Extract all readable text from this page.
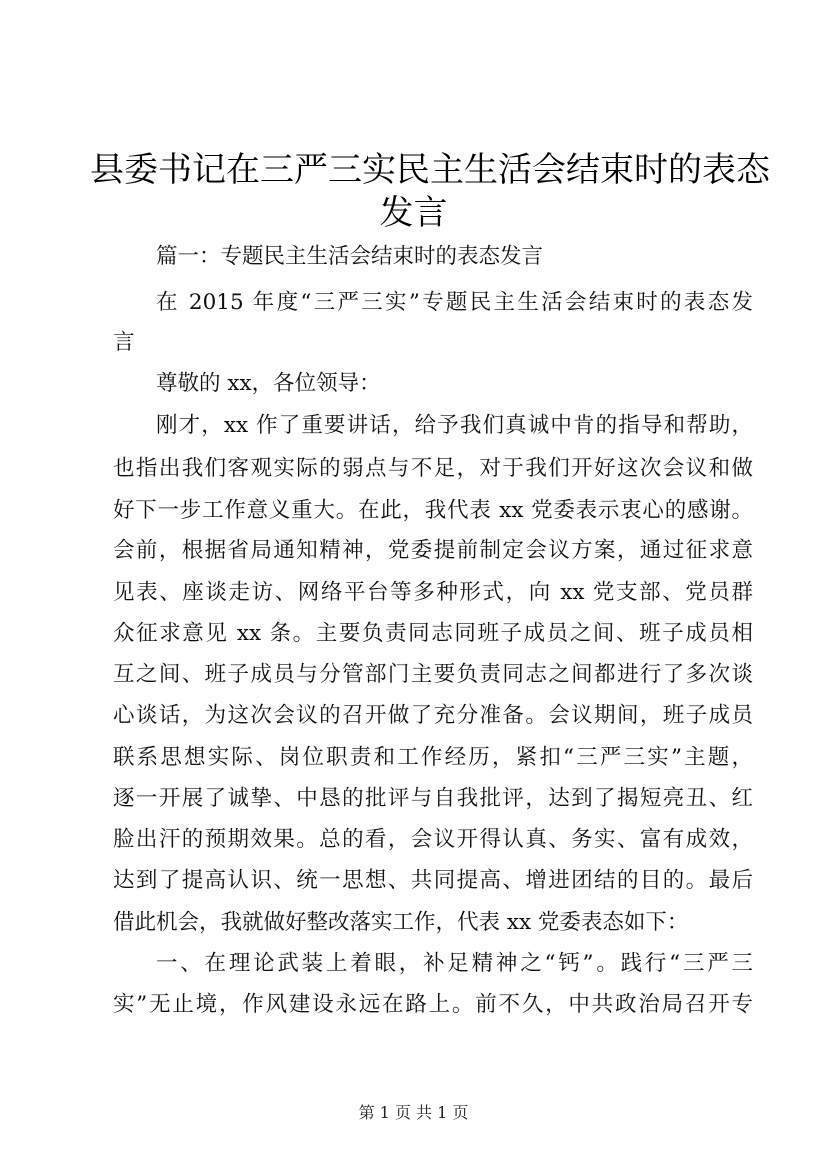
县委书记在三严三实民主生活会结束时的表态
发言
篇一：专题民主生活会结束时的表态发言
在 2015 年度“三严三实”专题民主生活会结束时的表态发
言
尊敬的 xx，各位领导：
刚才，xx 作了重要讲话，给予我们真诚中肯的指导和帮助，
也指出我们客观实际的弱点与不足，对于我们开好这次会议和做
好下一步工作意义重大。在此，我代表 xx 党委表示衷心的感谢。
会前，根据省局通知精神，党委提前制定会议方案，通过征求意
见表、座谈走访、网络平台等多种形式，向 xx 党支部、党员群
众征求意见 xx 条。主要负责同志同班子成员之间、班子成员相
互之间、班子成员与分管部门主要负责同志之间都进行了多次谈
心谈话，为这次会议的召开做了充分准备。会议期间，班子成员
联系思想实际、岗位职责和工作经历，紧扣“三严三实”主题，
逐一开展了诚挚、中恳的批评与自我批评，达到了揭短亮丑、红
脸出汗的预期效果。总的看，会议开得认真、务实、富有成效，
达到了提高认识、统一思想、共同提高、增进团结的目的。最后
借此机会，我就做好整改落实工作，代表 xx 党委表态如下：
一、在理论武装上着眼，补足精神之“钙”。践行“三严三
实”无止境，作风建设永远在路上。前不久，中共政治局召开专
第 1 页 共 1 页
